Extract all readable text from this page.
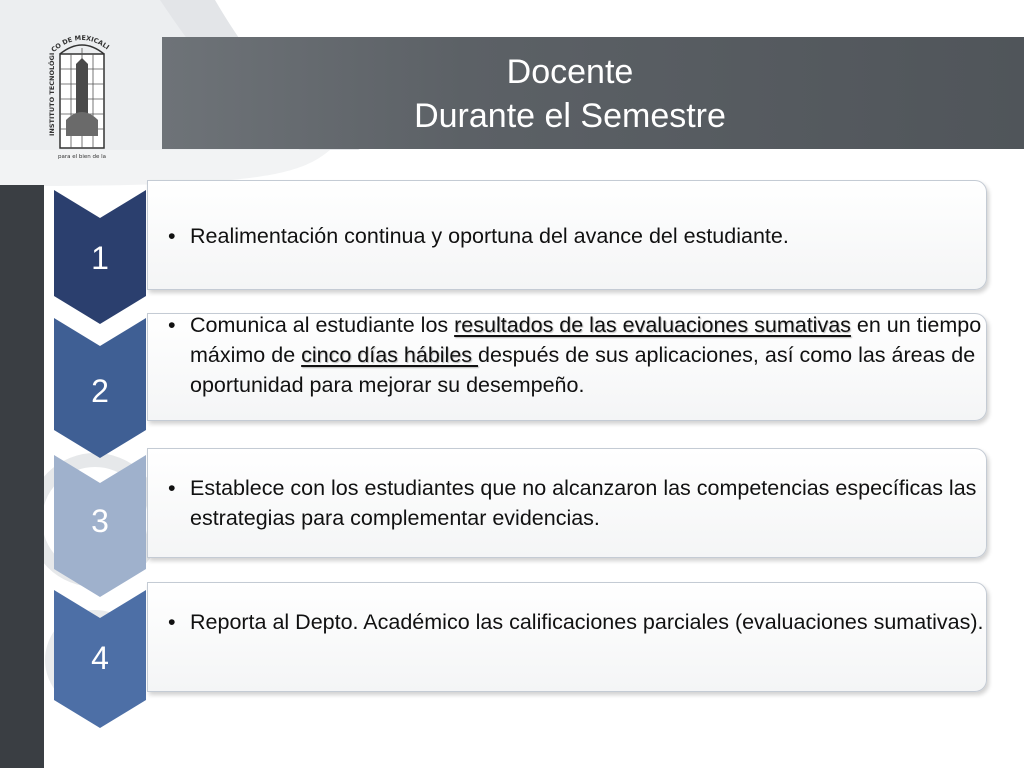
INSTITUTO TECNOLÓGICO DE MEXICALI
para el bien de la
Docente
Durante el Semestre
1
• Realimentación continua y oportuna del avance del estudiante.
2
• Comunica al estudiante los resultados de las evaluaciones sumativas en un tiempo máximo de cinco días hábiles después de sus aplicaciones, así como las áreas de oportunidad para mejorar su desempeño.
3
• Establece con los estudiantes que no alcanzaron las competencias específicas las estrategias para complementar evidencias.
4
• Reporta al Depto. Académico las calificaciones parciales (evaluaciones sumativas).
